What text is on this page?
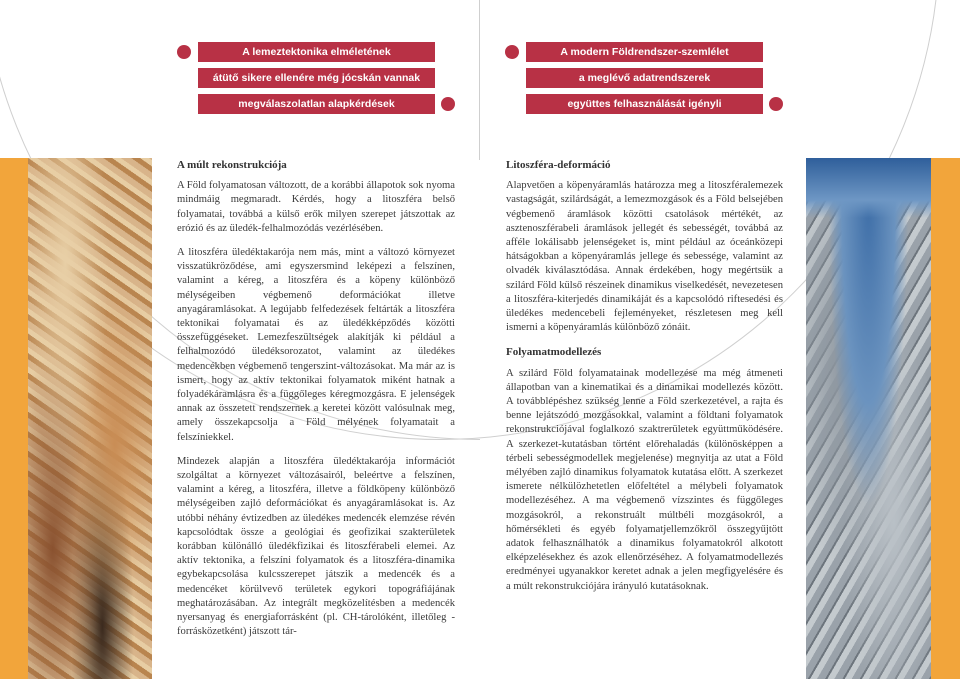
A lemeztektonika elméletének
átütő sikere ellenére még jócskán vannak
megválaszolatlan alapkérdések
A modern Földrendszer-szemlélet
a meglévő adatrendszerek
együttes felhasználását igényli
A múlt rekonstrukciója

A Föld folyamatosan változott, de a korábbi állapotok sok nyoma mindmáig megmaradt. Kérdés, hogy a litoszféra belső folyamatai, továbbá a külső erők milyen szerepet játszottak az erózió és az üledék-felhalmozódás vezérlésében.

A litoszféra üledéktakarója nem más, mint a változó környezet visszatükröződése, ami egyszersmind leképezi a felszínen, valamint a kéreg, a litoszféra és a köpeny különböző mélységeiben végbemenő deformációkat illetve anyagáramlásokat. A legújabb felfedezések feltárták a litoszféra tektonikai folyamatai és az üledékképződés közötti összefüggéseket. Lemezfeszültségek alakítják ki például a felhalmozódó üledéksorozatot, valamint az üledékes medencékben végbemenő tengerszint-változásokat. Ma már az is ismert, hogy az aktív tektonikai folyamatok miként hatnak a folyadékáramlásra és a függőleges kéregmozgásra. E jelenségek annak az összetett rendszernek a keretei között valósulnak meg, amely összekapcsolja a Föld mélyének folyamatait a felszíniekkel.

Mindezek alapján a litoszféra üledéktakarója információt szolgáltat a környezet változásairól, beleértve a felszínen, valamint a kéreg, a litoszféra, illetve a földköpeny különböző mélységeiben zajló deformációkat és anyagáramlásokat is. Az utóbbi néhány évtizedben az üledékes medencék elemzése révén kapcsolódtak össze a geológiai és geofizikai szakterületek korábban különálló üledékfizikai és litoszférabeli elemei. Az aktív tektonika, a felszíni folyamatok és a litoszféra-dinamika egybekapcsolása kulcsszerepet játszik a medencék és a medencéket körülvevő területek egykori topográfiájának meghatározásában. Az integrált megközelítésben a medencék nyersanyag és energiaforrásként (pl. CH-tárolóként, illetőleg -forrásközetként) játszott tár-

Litoszféra-deformáció

Alapvetően a köpenyáramlás határozza meg a litoszféralemezek vastagságát, szilárdságát, a lemezmozgások és a Föld belsejében végbemenő áramlások közötti csatolások mértékét, az asztenoszférabeli áramlások jellegét és sebességét, továbbá az afféle lokálisabb jelenségeket is, mint például az óceánközepi hátságokban a köpenyáramlás jellege és sebessége, valamint az olvadék kiválasztódása. Annak érdekében, hogy megértsük a szilárd Föld külső részeinek dinamikus viselkedését, nevezetesen a litoszféra-kiterjedés dinamikáját és a kapcsolódó riftesedési és üledékes medencebeli fejleményeket, részletesen meg kell ismerni a köpenyáramlás különböző zónáit.

Folyamatmodellezés

A szilárd Föld folyamatainak modellezése ma még átmeneti állapotban van a kinematikai és a dinamikai modellezés között. A továbblépéshez szükség lenne a Föld szerkezetével, a rajta és benne lejátszódó mozgásokkal, valamint a földtani folyamatok rekonstrukciójával foglalkozó szaktrerületek együttműködésére. A szerkezet-kutatásban történt előrehaladás (különösképpen a térbeli sebességmodellek megjelenése) megnyitja az utat a Föld mélyében zajló dinamikus folyamatok kutatása előtt. A szerkezet ismerete nélkülözhetetlen előfeltétel a mélybeli folyamatok modellezéséhez. A ma végbemenő vízszintes és függőleges mozgásokról, a rekonstruált múltbéli mozgásokról, a hőmérsékleti és egyéb folyamatjellemzőkről összegyűjtött adatok felhasználhatók a dinamikus folyamatokról alkotott elképzelésekhez és azok ellenőrzéséhez. A folyamatmodellezés eredményei ugyanakkor keretet adnak a jelen megfigyelésére és a múlt rekonstrukciójára irányuló kutatásoknak.
